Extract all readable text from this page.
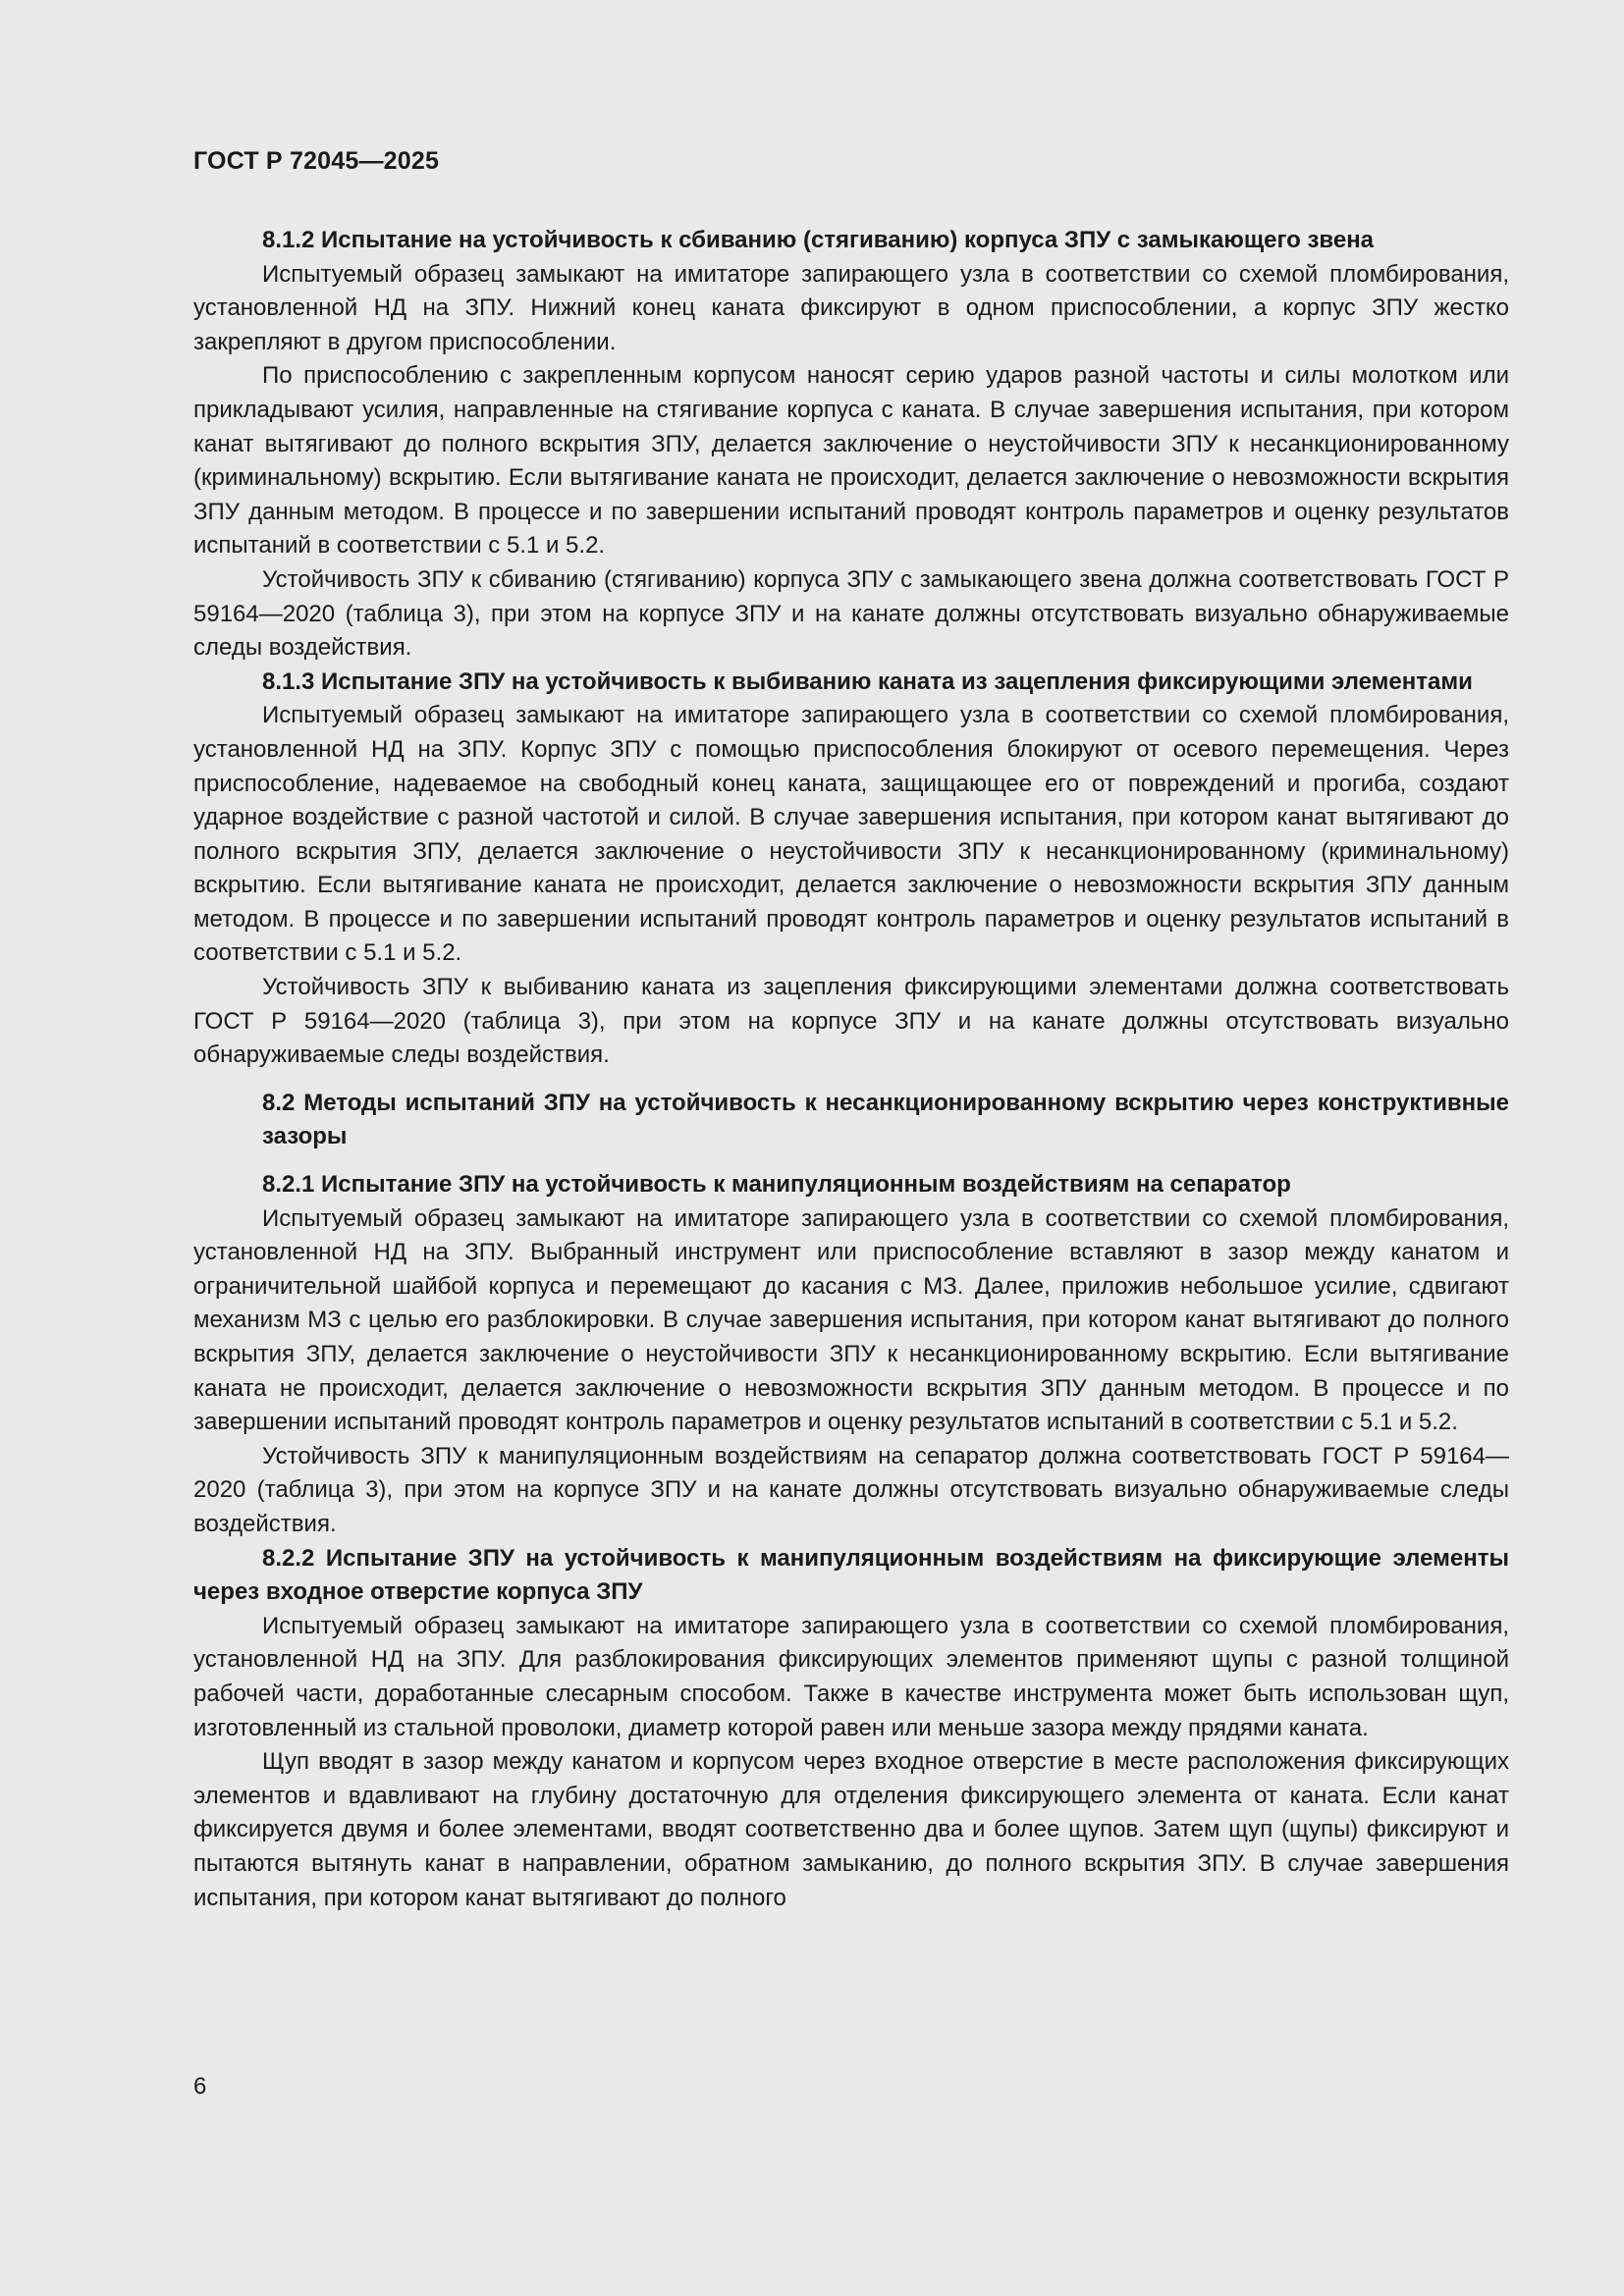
ГОСТ Р 72045—2025
8.1.2 Испытание на устойчивость к сбиванию (стягиванию) корпуса ЗПУ с замыкающего звена

Испытуемый образец замыкают на имитаторе запирающего узла в соответствии со схемой пломбирования, установленной НД на ЗПУ. Нижний конец каната фиксируют в одном приспособлении, а корпус ЗПУ жестко закрепляют в другом приспособлении.

По приспособлению с закрепленным корпусом наносят серию ударов разной частоты и силы молотком или прикладывают усилия, направленные на стягивание корпуса с каната. В случае завершения испытания, при котором канат вытягивают до полного вскрытия ЗПУ, делается заключение о неустойчивости ЗПУ к несанкционированному (криминальному) вскрытию. Если вытягивание каната не происходит, делается заключение о невозможности вскрытия ЗПУ данным методом. В процессе и по завершении испытаний проводят контроль параметров и оценку результатов испытаний в соответствии с 5.1 и 5.2.

Устойчивость ЗПУ к сбиванию (стягиванию) корпуса ЗПУ с замыкающего звена должна соответствовать ГОСТ Р 59164—2020 (таблица 3), при этом на корпусе ЗПУ и на канате должны отсутствовать визуально обнаруживаемые следы воздействия.

8.1.3 Испытание ЗПУ на устойчивость к выбиванию каната из зацепления фиксирующими элементами

Испытуемый образец замыкают на имитаторе запирающего узла в соответствии со схемой пломбирования, установленной НД на ЗПУ. Корпус ЗПУ с помощью приспособления блокируют от осевого перемещения. Через приспособление, надеваемое на свободный конец каната, защищающее его от повреждений и прогиба, создают ударное воздействие с разной частотой и силой. В случае завершения испытания, при котором канат вытягивают до полного вскрытия ЗПУ, делается заключение о неустойчивости ЗПУ к несанкционированному (криминальному) вскрытию. Если вытягивание каната не происходит, делается заключение о невозможности вскрытия ЗПУ данным методом. В процессе и по завершении испытаний проводят контроль параметров и оценку результатов испытаний в соответствии с 5.1 и 5.2.

Устойчивость ЗПУ к выбиванию каната из зацепления фиксирующими элементами должна соответствовать ГОСТ Р 59164—2020 (таблица 3), при этом на корпусе ЗПУ и на канате должны отсутствовать визуально обнаруживаемые следы воздействия.

8.2 Методы испытаний ЗПУ на устойчивость к несанкционированному вскрытию через конструктивные зазоры
8.2.1 Испытание ЗПУ на устойчивость к манипуляционным воздействиям на сепаратор

Испытуемый образец замыкают на имитаторе запирающего узла в соответствии со схемой пломбирования, установленной НД на ЗПУ. Выбранный инструмент или приспособление вставляют в зазор между канатом и ограничительной шайбой корпуса и перемещают до касания с МЗ. Далее, приложив небольшое усилие, сдвигают механизм МЗ с целью его разблокировки. В случае завершения испытания, при котором канат вытягивают до полного вскрытия ЗПУ, делается заключение о неустойчивости ЗПУ к несанкционированному вскрытию. Если вытягивание каната не происходит, делается заключение о невозможности вскрытия ЗПУ данным методом. В процессе и по завершении испытаний проводят контроль параметров и оценку результатов испытаний в соответствии с 5.1 и 5.2.

Устойчивость ЗПУ к манипуляционным воздействиям на сепаратор должна соответствовать ГОСТ Р 59164—2020 (таблица 3), при этом на корпусе ЗПУ и на канате должны отсутствовать визуально обнаруживаемые следы воздействия.

8.2.2 Испытание ЗПУ на устойчивость к манипуляционным воздействиям на фиксирующие элементы через входное отверстие корпуса ЗПУ

Испытуемый образец замыкают на имитаторе запирающего узла в соответствии со схемой пломбирования, установленной НД на ЗПУ. Для разблокирования фиксирующих элементов применяют щупы с разной толщиной рабочей части, доработанные слесарным способом. Также в качестве инструмента может быть использован щуп, изготовленный из стальной проволоки, диаметр которой равен или меньше зазора между прядями каната.

Щуп вводят в зазор между канатом и корпусом через входное отверстие в месте расположения фиксирующих элементов и вдавливают на глубину достаточную для отделения фиксирующего элемента от каната. Если канат фиксируется двумя и более элементами, вводят соответственно два и более щупов. Затем щуп (щупы) фиксируют и пытаются вытянуть канат в направлении, обратном замыканию, до полного вскрытия ЗПУ. В случае завершения испытания, при котором канат вытягивают до полного

6
